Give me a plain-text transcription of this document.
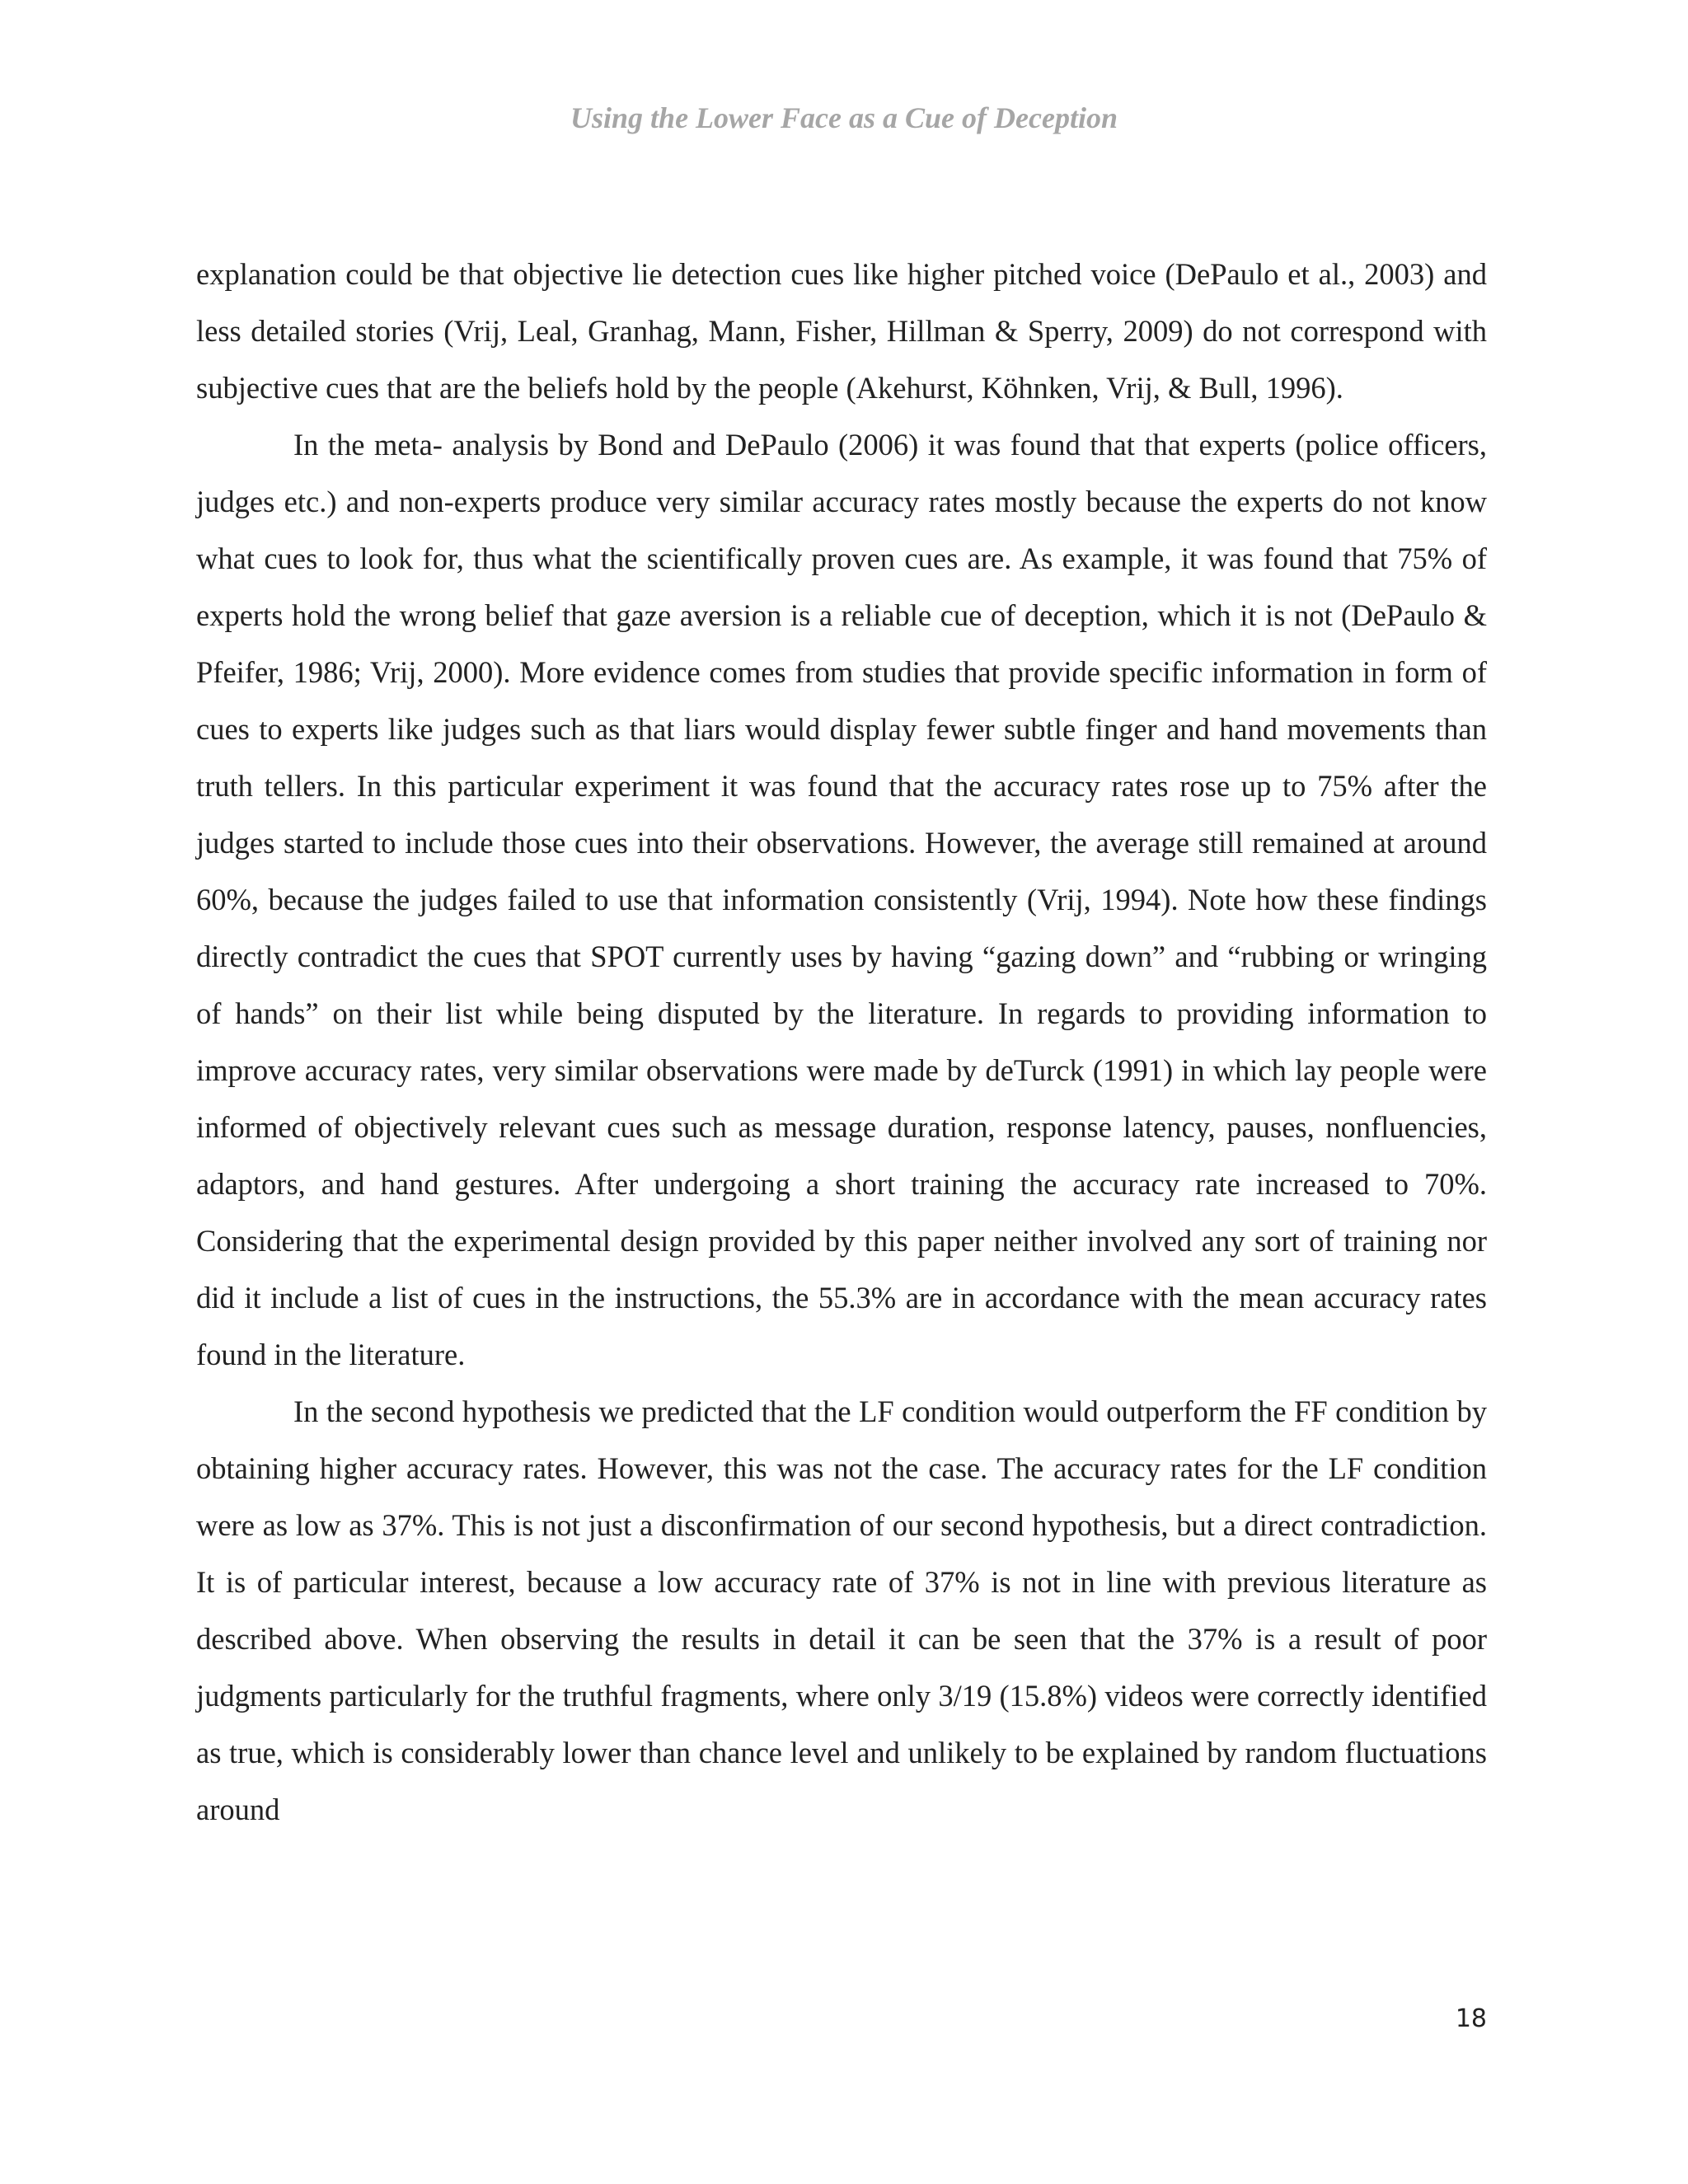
Using the Lower Face as a Cue of Deception

explanation could be that objective lie detection cues like higher pitched voice (DePaulo et al., 2003) and less detailed stories (Vrij, Leal, Granhag, Mann, Fisher, Hillman & Sperry, 2009) do not correspond with subjective cues that are the beliefs hold by the people (Akehurst, Köhnken, Vrij, & Bull, 1996).

In the meta- analysis by Bond and DePaulo (2006) it was found that that experts (police officers, judges etc.) and non-experts produce very similar accuracy rates mostly because the experts do not know what cues to look for, thus what the scientifically proven cues are. As example, it was found that 75% of experts hold the wrong belief that gaze aversion is a reliable cue of deception, which it is not (DePaulo & Pfeifer, 1986; Vrij, 2000). More evidence comes from studies that provide specific information in form of cues to experts like judges such as that liars would display fewer subtle finger and hand movements than truth tellers. In this particular experiment it was found that the accuracy rates rose up to 75% after the judges started to include those cues into their observations. However, the average still remained at around 60%, because the judges failed to use that information consistently (Vrij, 1994). Note how these findings directly contradict the cues that SPOT currently uses by having “gazing down” and “rubbing or wringing of hands” on their list while being disputed by the literature. In regards to providing information to improve accuracy rates, very similar observations were made by deTurck (1991) in which lay people were informed of objectively relevant cues such as message duration, response latency, pauses, nonfluencies, adaptors, and hand gestures. After undergoing a short training the accuracy rate increased to 70%. Considering that the experimental design provided by this paper neither involved any sort of training nor did it include a list of cues in the instructions, the 55.3% are in accordance with the mean accuracy rates found in the literature.

In the second hypothesis we predicted that the LF condition would outperform the FF condition by obtaining higher accuracy rates. However, this was not the case. The accuracy rates for the LF condition were as low as 37%. This is not just a disconfirmation of our second hypothesis, but a direct contradiction. It is of particular interest, because a low accuracy rate of 37% is not in line with previous literature as described above. When observing the results in detail it can be seen that the 37% is a result of poor judgments particularly for the truthful fragments, where only 3/19 (15.8%) videos were correctly identified as true, which is considerably lower than chance level and unlikely to be explained by random fluctuations around

18
